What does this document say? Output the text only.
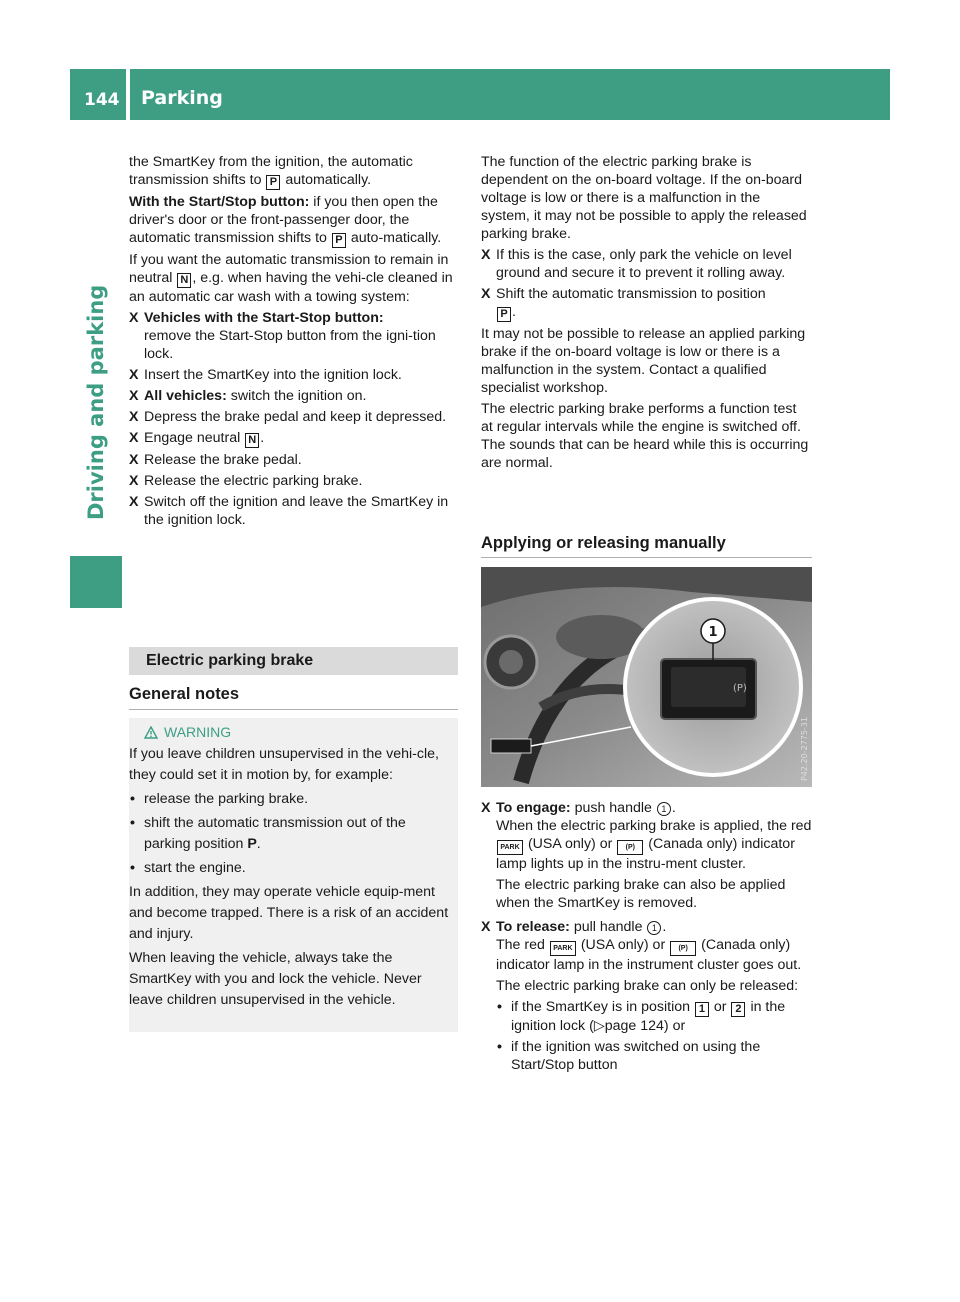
144 Parking
Driving and parking

the SmartKey from the ignition, the automatic transmission shifts to P automatically.

With the Start/Stop button: if you then open the driver's door or the front-passenger door, the automatic transmission shifts to P auto-matically.

If you want the automatic transmission to remain in neutral N , e.g. when having the vehi-cle cleaned in an automatic car wash with a towing system:

X Vehicles with the Start-Stop button:
remove the Start-Stop button from the igni-tion lock.
X Insert the SmartKey into the ignition lock.
X All vehicles: switch the ignition on.
X Depress the brake pedal and keep it depressed.
X Engage neutral N .
X Release the brake pedal.
X Release the electric parking brake.
X Switch off the ignition and leave the SmartKey in the ignition lock.
Electric parking brake
General notes
WARNING

If you leave children unsupervised in the vehi-cle, they could set it in motion by, for example:

• release the parking brake.
• shift the automatic transmission out of the parking position P.
• start the engine.

In addition, they may operate vehicle equip-ment and become trapped. There is a risk of an accident and injury.

When leaving the vehicle, always take the SmartKey with you and lock the vehicle. Never leave children unsupervised in the vehicle.

The function of the electric parking brake is dependent on the on-board voltage. If the on-board voltage is low or there is a malfunction in the system, it may not be possible to apply the released parking brake.

X If this is the case, only park the vehicle on level ground and secure it to prevent it rolling away.
X Shift the automatic transmission to position
P .

It may not be possible to release an applied parking brake if the on-board voltage is low or there is a malfunction in the system. Contact a qualified specialist workshop.

The electric parking brake performs a function test at regular intervals while the engine is switched off. The sounds that can be heard while this is occurring are normal.

Applying or releasing manually
(P)
1
P42.20-2775-31
X To engage: push handle 1 .
When the electric parking brake is applied, the red PARK (USA only) or (P) (Canada only) indicator lamp lights up in the instru-ment cluster.
The electric parking brake can also be applied when the SmartKey is removed.
X To release: pull handle 1 .
The red PARK (USA only) or (P) (Canada only) indicator lamp in the instrument cluster goes out.
The electric parking brake can only be released:
• if the SmartKey is in position 1 or 2 in the ignition lock (▷page 124) or
• if the ignition was switched on using the Start/Stop button
